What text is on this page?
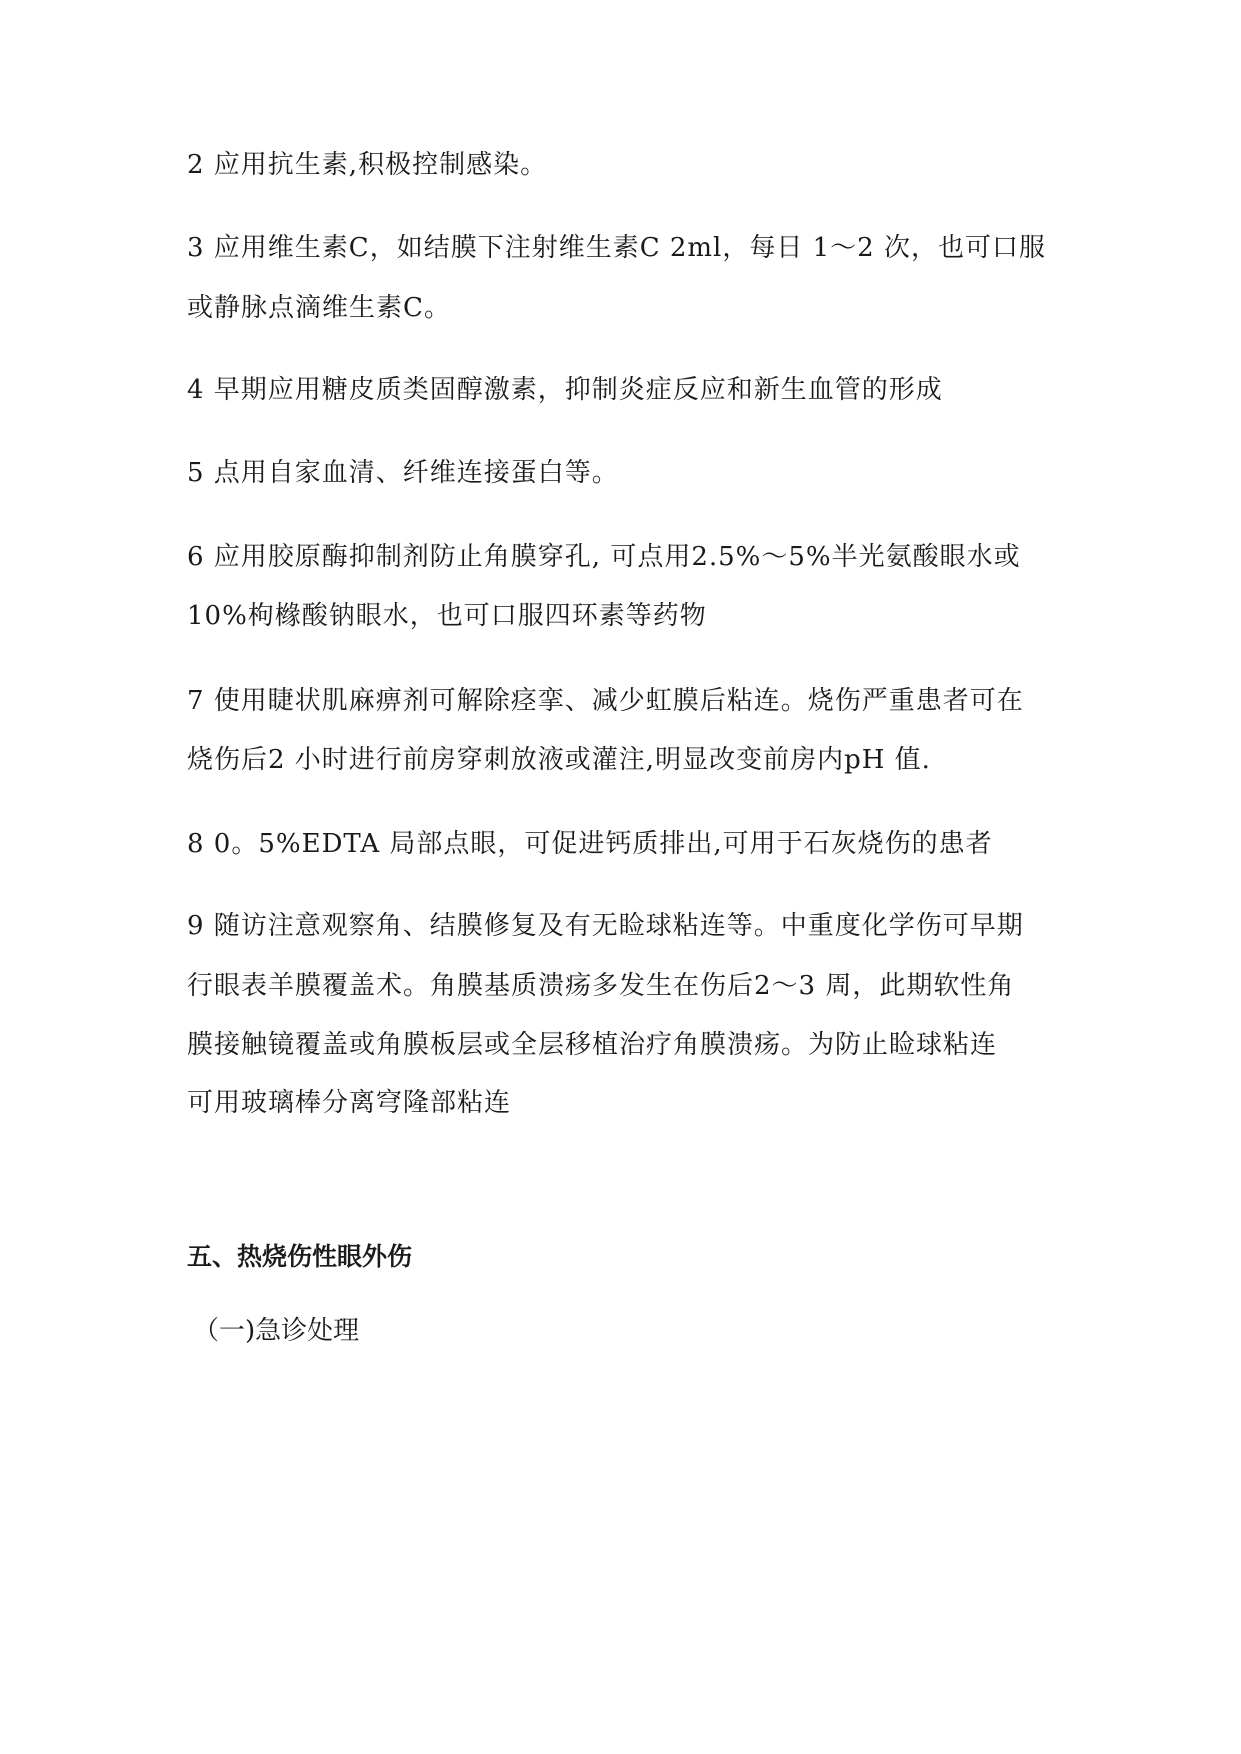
2 应用抗生素,积极控制感染。
3 应用维生素C，如结膜下注射维生素C 2ml，每日 1～2 次，也可口服
或静脉点滴维生素C。
4 早期应用糖皮质类固醇激素，抑制炎症反应和新生血管的形成
5 点用自家血清、纤维连接蛋白等。
6 应用胶原酶抑制剂防止角膜穿孔, 可点用2.5%～5%半光氨酸眼水或
10%枸橼酸钠眼水，也可口服四环素等药物
7 使用睫状肌麻痹剂可解除痉挛、减少虹膜后粘连。烧伤严重患者可在
烧伤后2 小时进行前房穿刺放液或灌注,明显改变前房内pH 值.
8 0。5%EDTA 局部点眼，可促进钙质排出,可用于石灰烧伤的患者
9 随访注意观察角、结膜修复及有无睑球粘连等。中重度化学伤可早期
行眼表羊膜覆盖术。角膜基质溃疡多发生在伤后2～3 周，此期软性角
膜接触镜覆盖或角膜板层或全层移植治疗角膜溃疡。为防止睑球粘连
可用玻璃棒分离穹隆部粘连
五、热烧伤性眼外伤
（一)急诊处理
